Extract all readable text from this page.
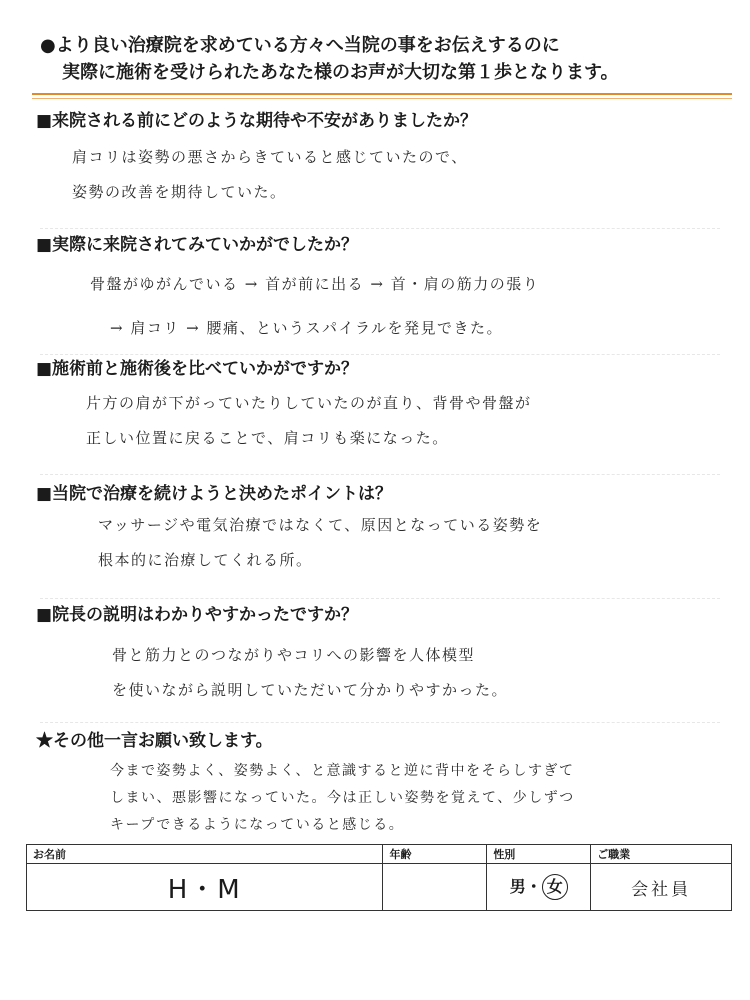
●より良い治療院を求めている方々へ当院の事をお伝えするのに
実際に施術を受けられたあなた様のお声が大切な第１歩となります。
■来院される前にどのような期待や不安がありましたか？
肩コリは姿勢の悪さからきていると感じていたので、
姿勢の改善を期待していた。
■実際に来院されてみていかがでしたか？
骨盤がゆがんでいる → 首が前に出る → 首・肩の筋力の張り
→ 肩コリ → 腰痛、というスパイラルを発見できた。
■施術前と施術後を比べていかがですか？
片方の肩が下がっていたりしていたのが直り、背骨や骨盤が
正しい位置に戻ることで、肩コリも楽になった。
■当院で治療を続けようと決めたポイントは？
マッサージや電気治療ではなくて、原因となっている姿勢を
根本的に治療してくれる所。
■院長の説明はわかりやすかったですか？
骨と筋力とのつながりやコリへの影響を人体模型
を使いながら説明していただいて分かりやすかった。
★その他一言お願い致します。
今まで姿勢よく、姿勢よく、と意識すると逆に背中をそらしすぎて
しまい、悪影響になっていた。今は正しい姿勢を覚えて、少しずつ
キープできるようになっていると感じる。
お名前	年齢	性別	ご職業
H・M		男・ 女	会社員
